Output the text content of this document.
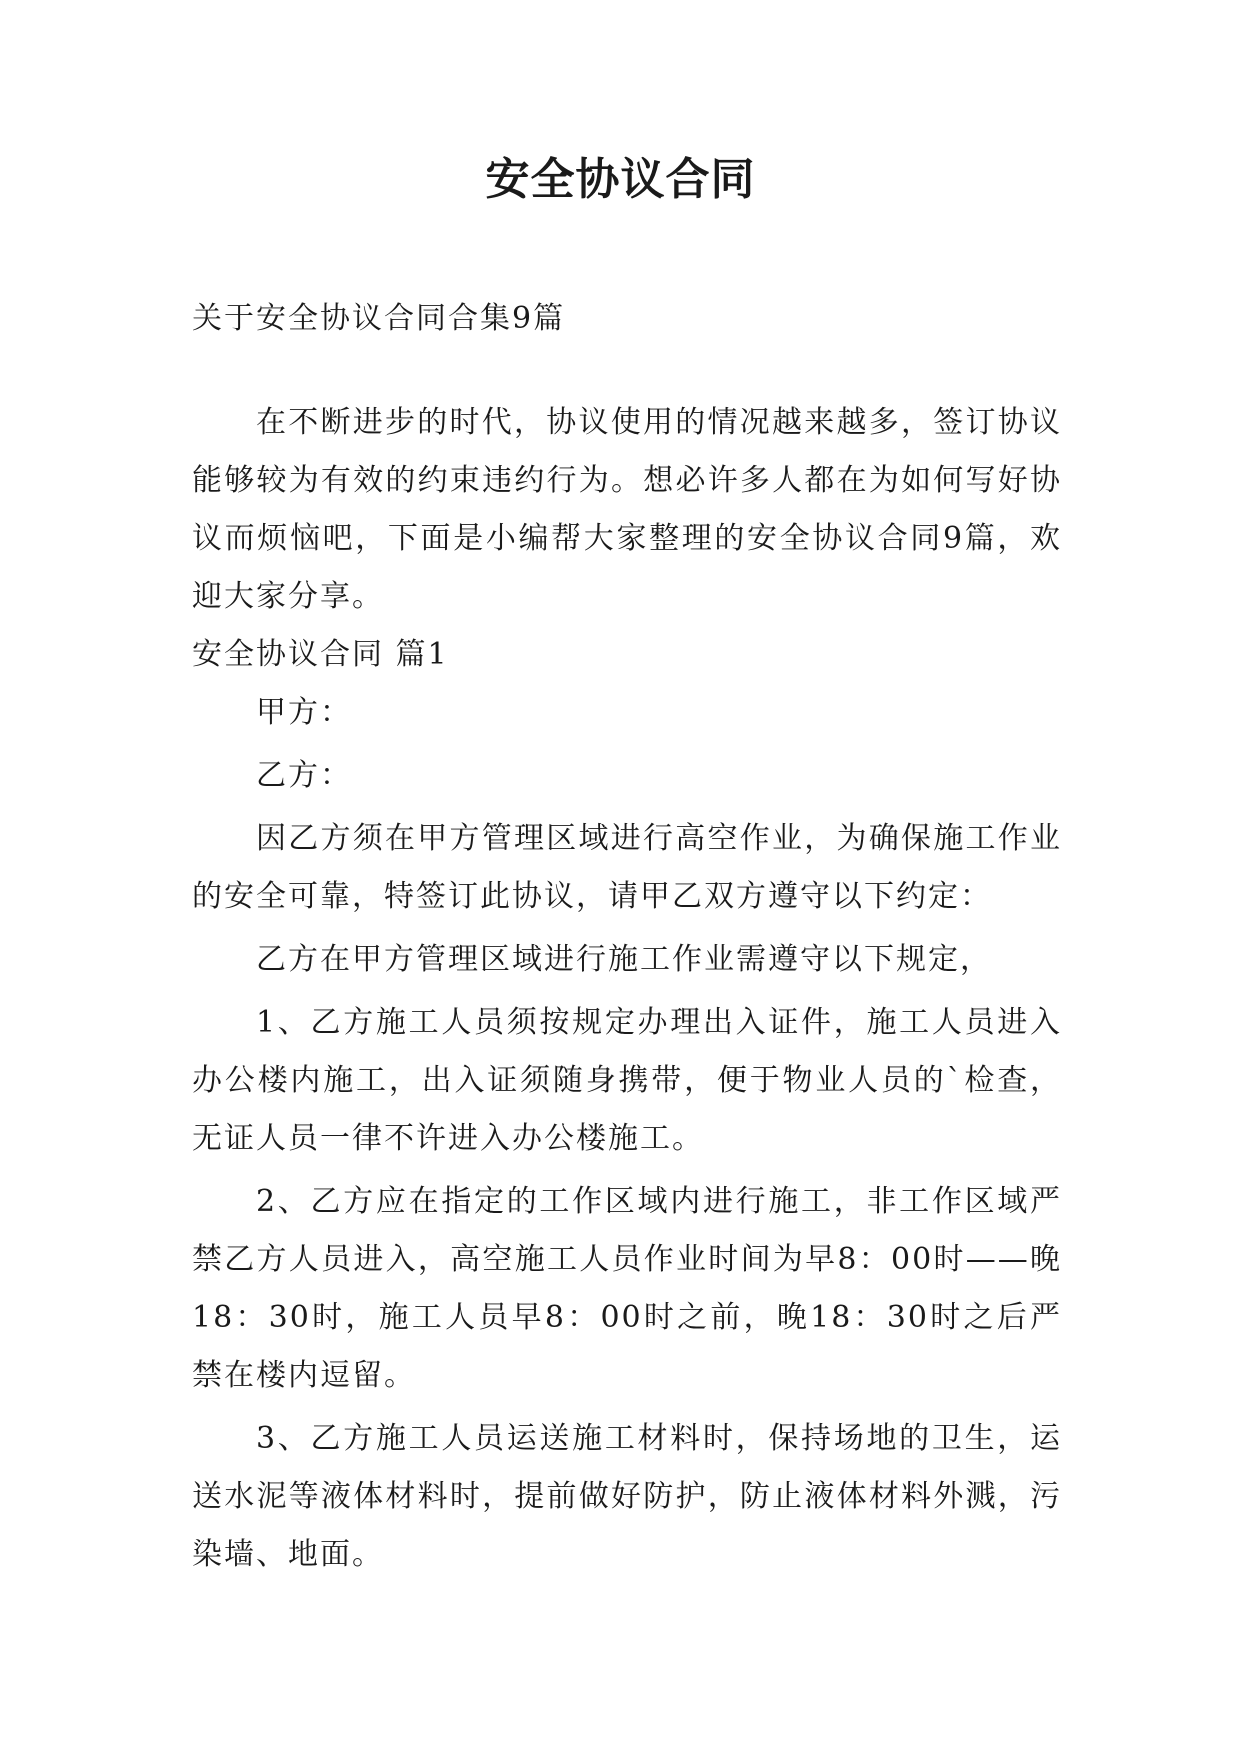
安全协议合同
关于安全协议合同合集9篇

在不断进步的时代，协议使用的情况越来越多，签订协议能够较为有效的约束违约行为。想必许多人都在为如何写好协议而烦恼吧，下面是小编帮大家整理的安全协议合同9篇，欢迎大家分享。

安全协议合同 篇1

甲方：

乙方：

因乙方须在甲方管理区域进行高空作业，为确保施工作业的安全可靠，特签订此协议，请甲乙双方遵守以下约定：

乙方在甲方管理区域进行施工作业需遵守以下规定，

1、乙方施工人员须按规定办理出入证件，施工人员进入办公楼内施工，出入证须随身携带，便于物业人员的`检查，无证人员一律不许进入办公楼施工。

2、乙方应在指定的工作区域内进行施工，非工作区域严禁乙方人员进入，高空施工人员作业时间为早8：00时——晚18：30时，施工人员早8：00时之前，晚18：30时之后严禁在楼内逗留。

3、乙方施工人员运送施工材料时，保持场地的卫生，运送水泥等液体材料时，提前做好防护，防止液体材料外溅，污染墙、地面。
